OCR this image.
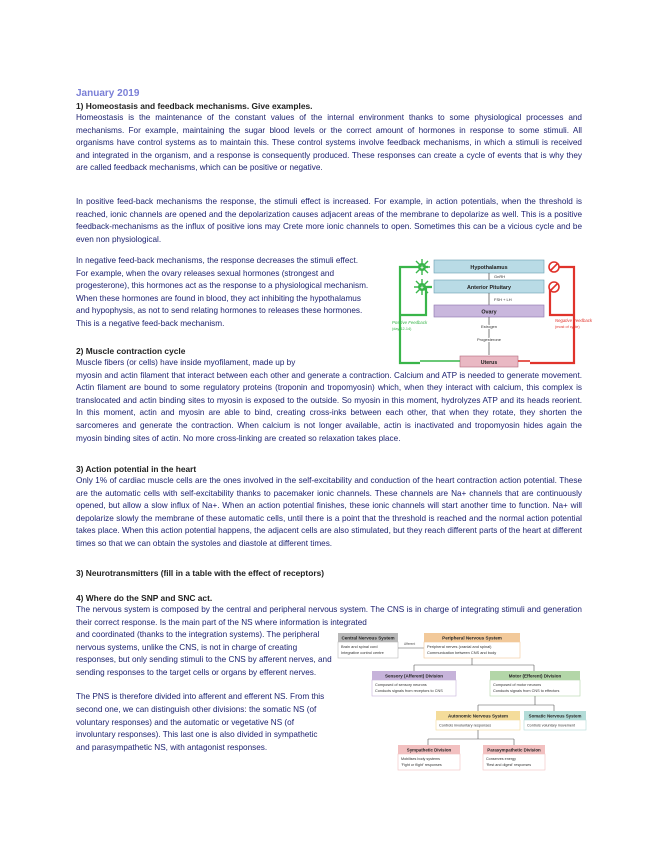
January 2019
1) Homeostasis and feedback mechanisms. Give examples.

Homeostasis is the maintenance of the constant values of the internal environment thanks to some physiological processes and mechanisms. For example, maintaining the sugar blood levels or the correct amount of hormones in response to some stimuli. All organisms have control systems as to maintain this. These control systems involve feedback mechanisms, in which a stimuli is received and integrated in the organism, and a response is consequently produced. These responses can create a cycle of events that is why they are called feedback mechanisms, which can be positive or negative.

In positive feed-back mechanisms the response, the stimuli effect is increased. For example, in action potentials, when the threshold is reached, ionic channels are opened and the depolarization causes adjacent areas of the membrane to depolarize as well. This is a positive feedback-mechanisms as the influx of positive ions may Crete more ionic channels to open. Sometimes this can be a vicious cycle and be even non physiological.

In negative feed-back mechanisms, the response decreases the stimuli effect. For example, when the ovary releases sexual hormones (strongest and progesterone), this hormones act as the response to a physiological mechanism. When these hormones are found in blood, they act inhibiting the hypothalamus and hypophysis, as not to send relating hormones to releases these hormones. This is a negative feed-back mechanism.

2) Muscle contraction cycle

Muscle fibers (or cells) have inside myofilament, made up by

myosin and actin filament that interact between each other and generate a contraction. Calcium and ATP is needed to generate movement. Actin filament are bound to some regulatory proteins (troponin and tropomyosin) which, when they interact with calcium, this complex is translocated and actin binding sites to myosin is exposed to the outside. So myosin in this moment, hydrolyzes ATP and its heads reorient. In this moment, actin and myosin are able to bind, creating cross-inks between each other, that when they rotate, they shorten the sarcomeres and generate the contraction. When calcium is not longer available, actin is inactivated and tropomyosin hides again the myosin binding sites of actin. No more cross-linking are created so relaxation takes place.

3) Action potential in the heart

Only 1% of cardiac muscle cells are the ones involved in the self-excitability and conduction of the heart contraction action potential. These are the automatic cells with self-excitability thanks to pacemaker ionic channels. These channels are Na+ channels that are continuously opened, but allow a slow influx of Na+. When an action potential finishes, these ionic channels will start another time to function. Na+ will depolarize slowly the membrane of these automatic cells, until there is a point that the threshold is reached and the normal action potential takes place. When this action potential happens, the adjacent cells are also stimulated, but they reach different parts of the heart at different times so that we can obtain the systoles and diastole at different times.

3) Neurotransmitters (fill in a table with the effect of receptors)
4) Where do the SNP and SNC act.

The nervous system is composed by the central and peripheral nervous system. The CNS is in charge of integrating stimuli and generation their correct response. Is the main part of the NS where information is integrated

and coordinated (thanks to the integration systems). The peripheral nervous systems, unlike the CNS, is not in charge of creating responses, but only sending stimuli to the CNS by afferent nerves, and sending responses to the target cells or organs by efferent nerves.

The PNS is therefore divided into afferent and efferent NS. From this second one, we can distinguish other divisions: the somatic NS (of voluntary responses) and the automatic or vegetative NS (of involuntary responses). This last one is also divided in sympathetic and parasympathetic NS, with antagonist responses.

+
+
Positive Feedback
(day 12-14)
Negative Feedback
(most of cycle)
Hypothalamus
GnRH
Anterior Pituitary
FSH + LH
Ovary
Estrogen
Progesterone
Uterus
Central Nervous System
Brain and spinal cord
Integrative control centre
Afferent
Peripheral Nervous System
Peripheral nerves (cranial and spinal)
Communication between CNS and body
Sensory (Afferent) Division
Composed of sensory neurons
Conducts signals from receptors to CNS
Motor (Efferent) Division
Composed of motor neurons
Conducts signals from CNS to effectors
Autonomic Nervous System
Controls involuntary responses
Somatic Nervous System
Controls voluntary movement
Sympathetic Division
Mobilises body systems
'Fight or flight' responses
Parasympathetic Division
Conserves energy
'Rest and digest' responses
